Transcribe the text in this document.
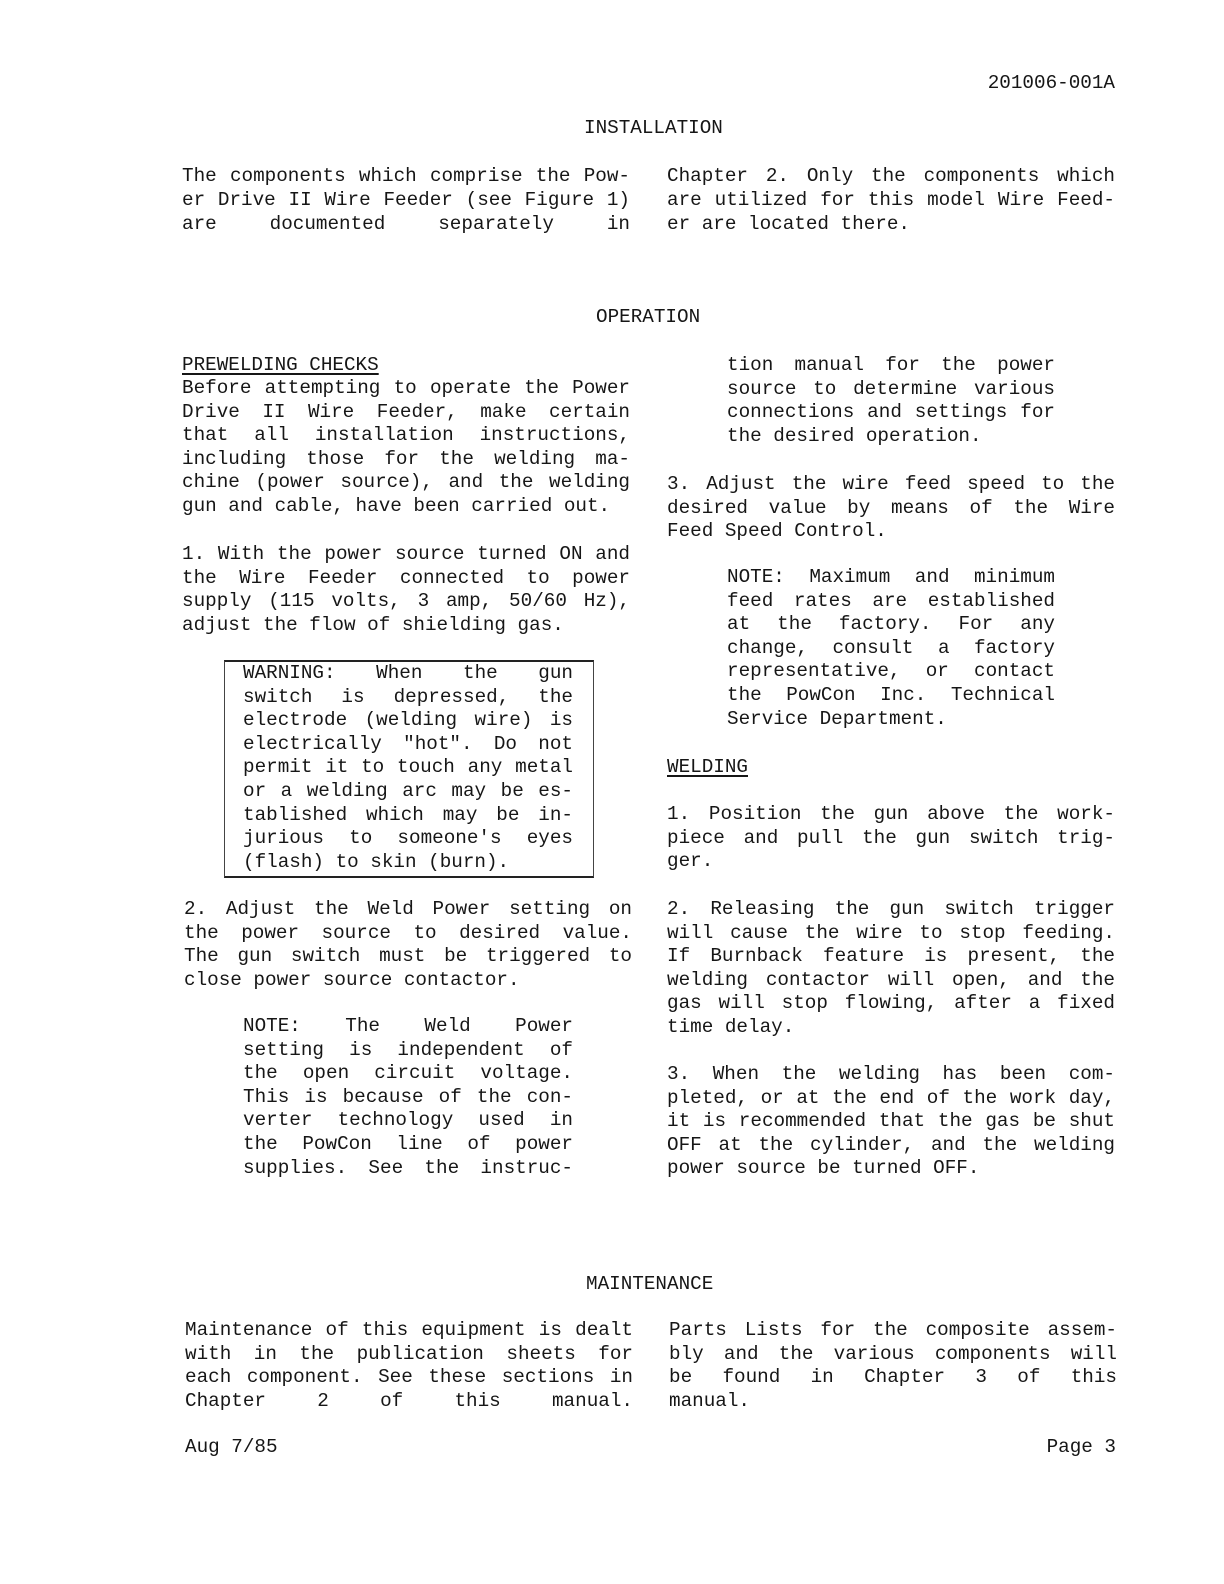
201006-001A
INSTALLATION
The components which comprise the Pow-
er Drive II Wire Feeder (see Figure 1)
are documented separately in
Chapter 2. Only the components which
are utilized for this model Wire Feed-
er are located there.
OPERATION
PREWELDING CHECKS
Before attempting to operate the Power
Drive II Wire Feeder, make certain
that all installation instructions,
including those for the welding ma-
chine (power source), and the welding
gun and cable, have been carried out.
1. With the power source turned ON and
the Wire Feeder connected to power
supply (115 volts, 3 amp, 50/60 Hz),
adjust the flow of shielding gas.
WARNING: When the gun
switch is depressed, the
electrode (welding wire) is
electrically "hot". Do not
permit it to touch any metal
or a welding arc may be es-
tablished which may be in-
jurious to someone's eyes
(flash) to skin (burn).
2. Adjust the Weld Power setting on
the power source to desired value.
The gun switch must be triggered to
close power source contactor.
NOTE: The Weld Power
setting is independent of
the open circuit voltage.
This is because of the con-
verter technology used in
the PowCon line of power
supplies. See the instruc-
tion manual for the power
source to determine various
connections and settings for
the desired operation.
3. Adjust the wire feed speed to the
desired value by means of the Wire
Feed Speed Control.
NOTE: Maximum and minimum
feed rates are established
at the factory. For any
change, consult a factory
representative, or contact
the PowCon Inc. Technical
Service Department.
WELDING
1. Position the gun above the work-
piece and pull the gun switch trig-
ger.
2. Releasing the gun switch trigger
will cause the wire to stop feeding.
If Burnback feature is present, the
welding contactor will open, and the
gas will stop flowing, after a fixed
time delay.
3. When the welding has been com-
pleted, or at the end of the work day,
it is recommended that the gas be shut
OFF at the cylinder, and the welding
power source be turned OFF.
MAINTENANCE
Maintenance of this equipment is dealt
with in the publication sheets for
each component. See these sections in
Chapter 2 of this manual.
Parts Lists for the composite assem-
bly and the various components will
be found in Chapter 3 of this
manual.
Aug 7/85	Page 3
